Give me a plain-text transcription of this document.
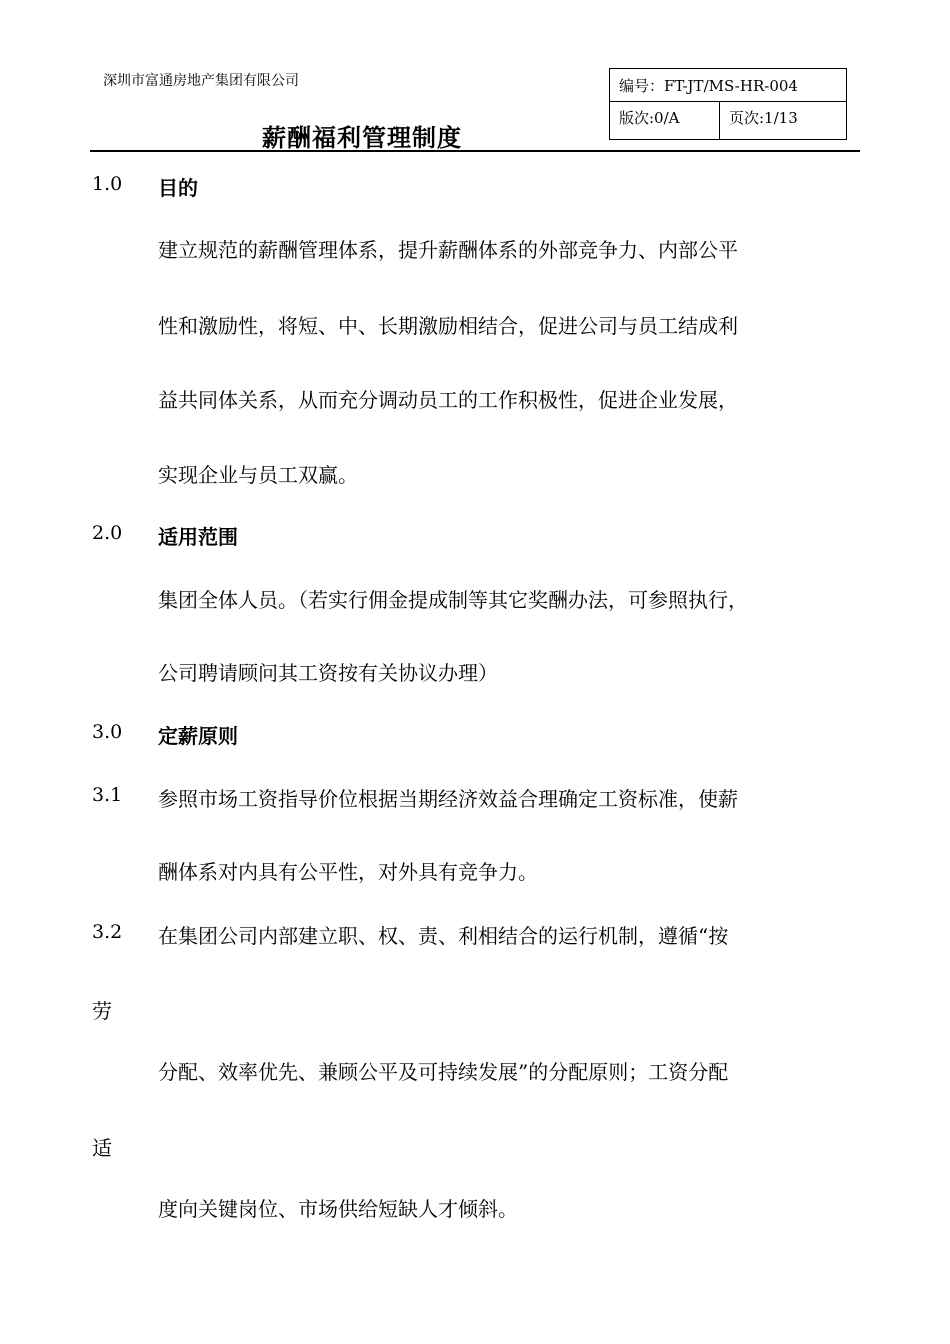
深圳市富通房地产集团有限公司
薪酬福利管理制度
编号：FT-JT/MS-HR-004
版次:0/A	页次:1/13
1.0 目的
建立规范的薪酬管理体系，提升薪酬体系的外部竞争力、内部公平
性和激励性，将短、中、长期激励相结合，促进公司与员工结成利
益共同体关系，从而充分调动员工的工作积极性，促进企业发展，
实现企业与员工双赢。
2.0 适用范围
集团全体人员。（若实行佣金提成制等其它奖酬办法，可参照执行，
公司聘请顾问其工资按有关协议办理）
3.0 定薪原则
3.1 参照市场工资指导价位根据当期经济效益合理确定工资标准，使薪
酬体系对内具有公平性，对外具有竞争力。
3.2 在集团公司内部建立职、权、责、利相结合的运行机制，遵循“按
劳
分配、效率优先、兼顾公平及可持续发展”的分配原则；工资分配
适
度向关键岗位、市场供给短缺人才倾斜。
